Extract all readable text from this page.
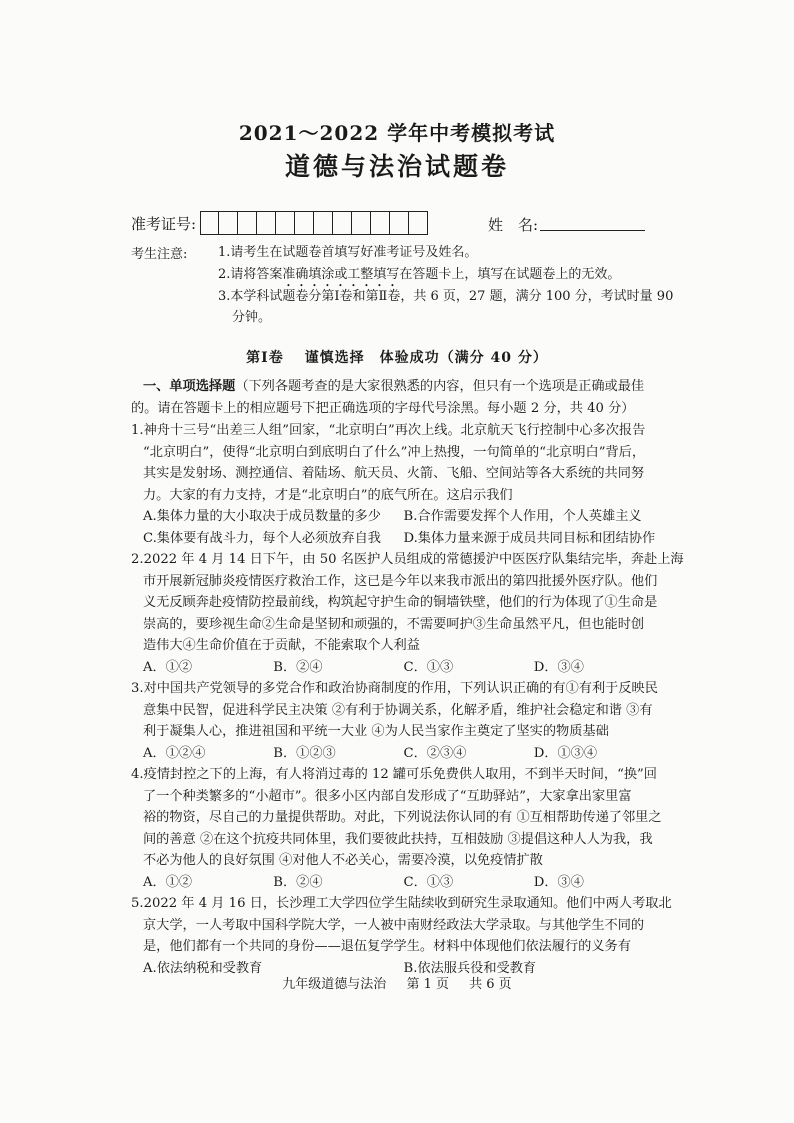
2021～2022 学年中考模拟考试
道德与法治试题卷
准考证号:	姓　名:
考生注意: 1.请考生在试题卷首填写好准考证号及姓名。
2.请将答案准确填涂或工整填写在答题卡上，填写在试题卷上的无效。
3.本学科试题卷分第Ⅰ卷和第Ⅱ卷，共 6 页，27 题，满分 100 分，考试时量 90
分钟。
第Ⅰ卷　 谨慎选择　体验成功（满分 40 分）
一、单项选择题（下列各题考查的是大家很熟悉的内容，但只有一个选项是正确或最佳
的。请在答题卡上的相应题号下把正确选项的字母代号涂黑。每小题 2 分，共 40 分）
1.神舟十三号“出差三人组”回家，“北京明白”再次上线。北京航天飞行控制中心多次报告
“北京明白”，使得“北京明白到底明白了什么”冲上热搜，一句简单的“北京明白”背后，
其实是发射场、测控通信、着陆场、航天员、火箭、飞船、空间站等各大系统的共同努
力。大家的有力支持，才是“北京明白”的底气所在。这启示我们
A.集体力量的大小取决于成员数量的多少	B.合作需要发挥个人作用，个人英雄主义
C.集体要有战斗力，每个人必须放弃自我	D.集体力量来源于成员共同目标和团结协作
2.2022 年 4 月 14 日下午，由 50 名医护人员组成的常德援沪中医医疗队集结完毕，奔赴上海
市开展新冠肺炎疫情医疗救治工作，这已是今年以来我市派出的第四批援外医疗队。他们
义无反顾奔赴疫情防控最前线，构筑起守护生命的铜墙铁壁，他们的行为体现了①生命是
崇高的，要珍视生命②生命是坚韧和顽强的，不需要呵护③生命虽然平凡，但也能时创
造伟大④生命价值在于贡献，不能索取个人利益
A．①②	B．②④	C．①③	D．③④
3.对中国共产党领导的多党合作和政治协商制度的作用，下列认识正确的有①有利于反映民
意集中民智，促进科学民主决策 ②有利于协调关系，化解矛盾，维护社会稳定和谐 ③有
利于凝集人心，推进祖国和平统一大业 ④为人民当家作主奠定了坚实的物质基础
A．①②④	B．①②③	C．②③④	D．①③④
4.疫情封控之下的上海，有人将消过毒的 12 罐可乐免费供人取用，不到半天时间，“换”回
了一个种类繁多的“小超市”。很多小区内部自发形成了“互助驿站”，大家拿出家里富
裕的物资，尽自己的力量提供帮助。对此，下列说法你认同的有 ①互相帮助传递了邻里之
间的善意 ②在这个抗疫共同体里，我们要彼此扶持，互相鼓励 ③提倡这种人人为我，我
不必为他人的良好氛围 ④对他人不必关心，需要冷漠，以免疫情扩散
A．①②	B．②④	C．①③	D．③④
5.2022 年 4 月 16 日，长沙理工大学四位学生陆续收到研究生录取通知。他们中两人考取北
京大学，一人考取中国科学院大学，一人被中南财经政法大学录取。与其他学生不同的
是，他们都有一个共同的身份——退伍复学学生。材料中体现他们依法履行的义务有
A.依法纳税和受教育	B.依法服兵役和受教育
九年级道德与法治 第 1 页 共 6 页
